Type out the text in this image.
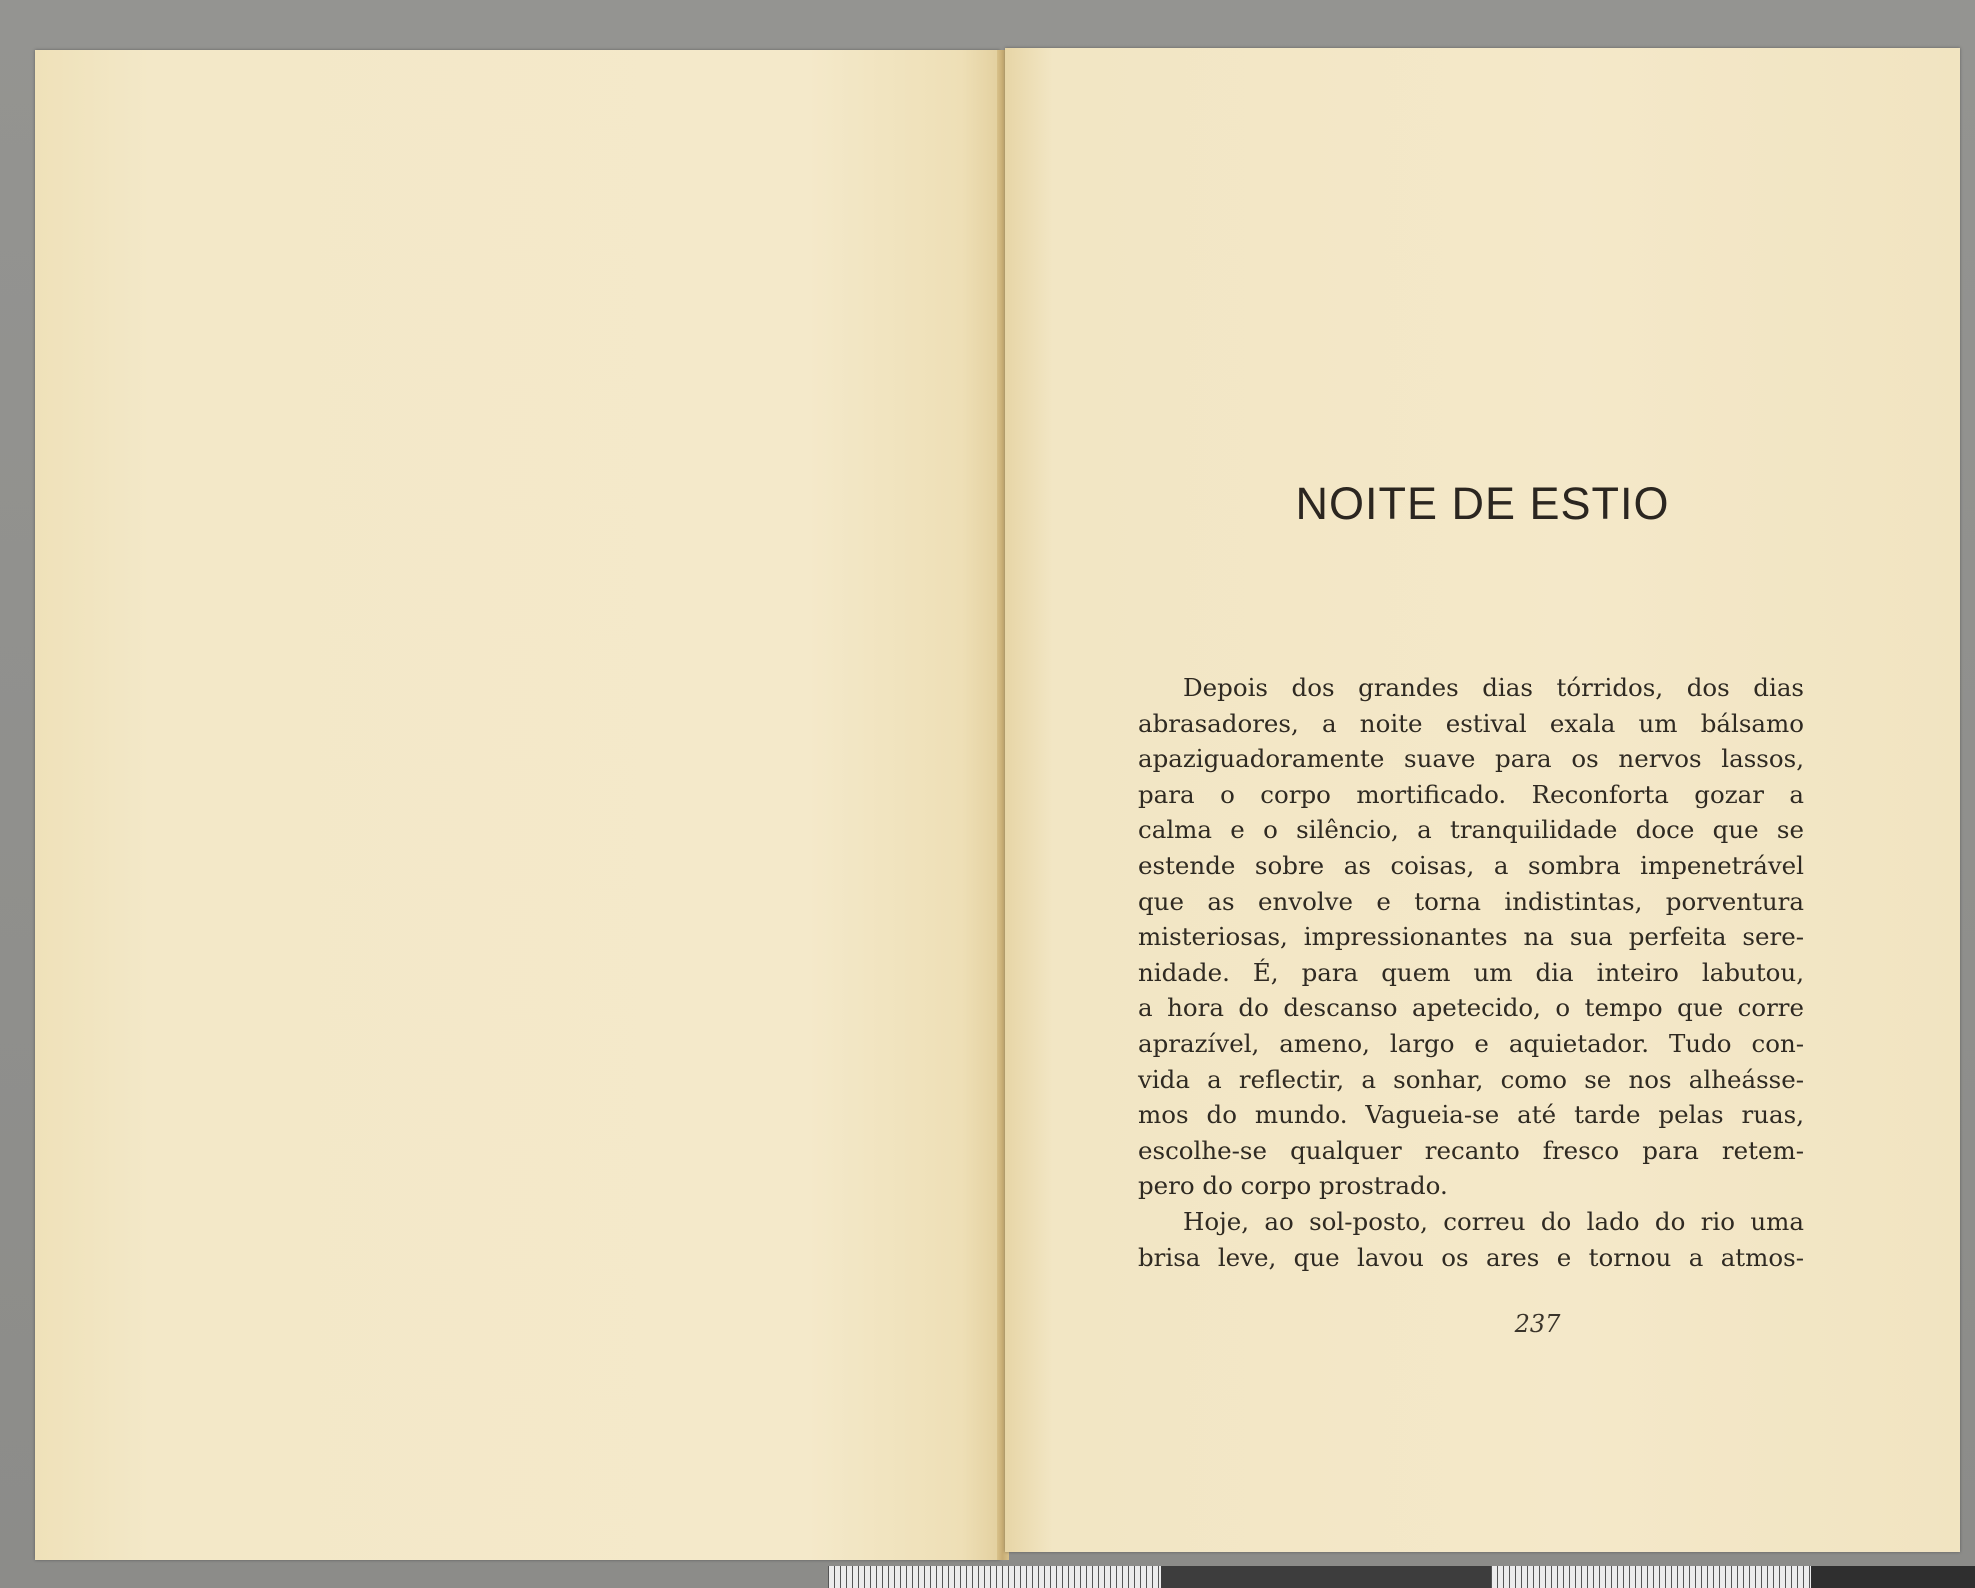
NOITE DE ESTIO

Depois dos grandes dias tórridos, dos dias
abrasadores, a noite estival exala um bálsamo
apaziguadoramente suave para os nervos lassos,
para o corpo mortificado. Reconforta gozar a
calma e o silêncio, a tranquilidade doce que se
estende sobre as coisas, a sombra impenetrável
que as envolve e torna indistintas, porventura
misteriosas, impressionantes na sua perfeita sere-
nidade. É, para quem um dia inteiro labutou,
a hora do descanso apetecido, o tempo que corre
aprazível, ameno, largo e aquietador. Tudo con-
vida a reflectir, a sonhar, como se nos alheásse-
mos do mundo. Vagueia-se até tarde pelas ruas,
escolhe-se qualquer recanto fresco para retem-
pero do corpo prostrado.

Hoje, ao sol-posto, correu do lado do rio uma
brisa leve, que lavou os ares e tornou a atmos-

237
